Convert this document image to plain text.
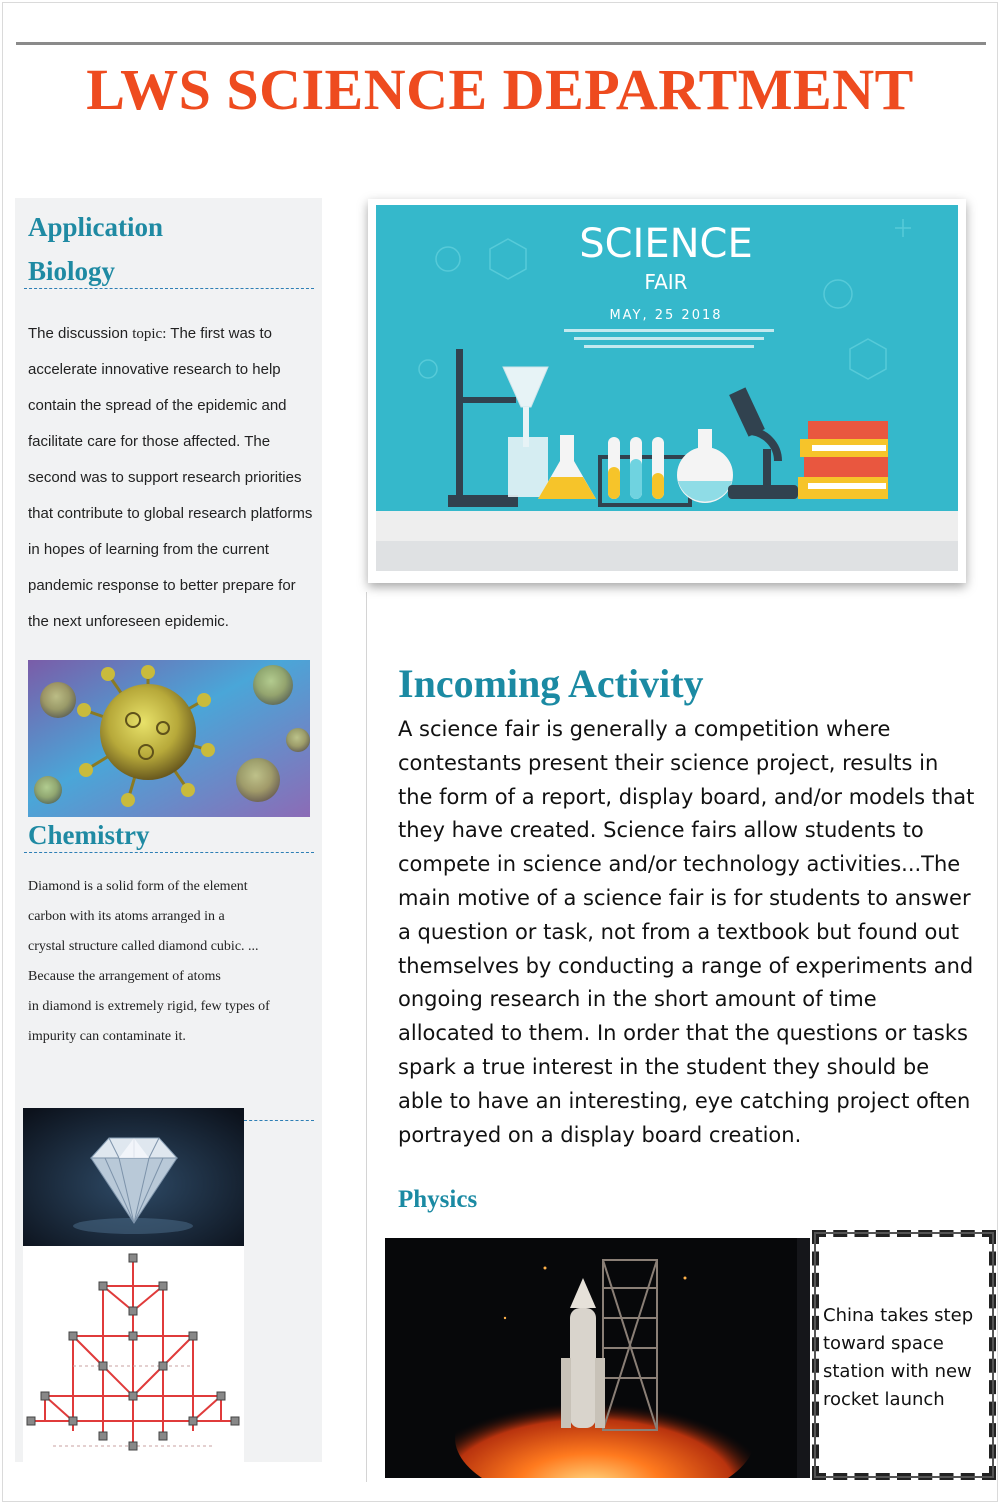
LWS SCIENCE DEPARTMENT
Application
Biology

The discussion topic: The first was to accelerate innovative research to help contain the spread of the epidemic and facilitate care for those affected. The second was to support research priorities that contribute to global research platforms in hopes of learning from the current pandemic response to better prepare for the next unforeseen epidemic.

Chemistry

Diamond is a solid form of the element
carbon with its atoms arranged in a
crystal structure called diamond cubic. ...
Because the arrangement of atoms
in diamond is extremely rigid, few types of
impurity can contaminate it.

SCIENCE
FAIR
MAY, 25 2018
Incoming Activity

A science fair is generally a competition where contestants present their science project, results in the form of a report, display board, and/or models that they have created. Science fairs allow students to compete in science and/or technology activities...The main motive of a science fair is for students to answer a question or task, not from a textbook but found out themselves by conducting a range of experiments and ongoing research in the short amount of time allocated to them. In order that the questions or tasks spark a true interest in the student they should be able to have an interesting, eye catching project often portrayed on a display board creation.

Physics

China takes step toward space station with new rocket launch
